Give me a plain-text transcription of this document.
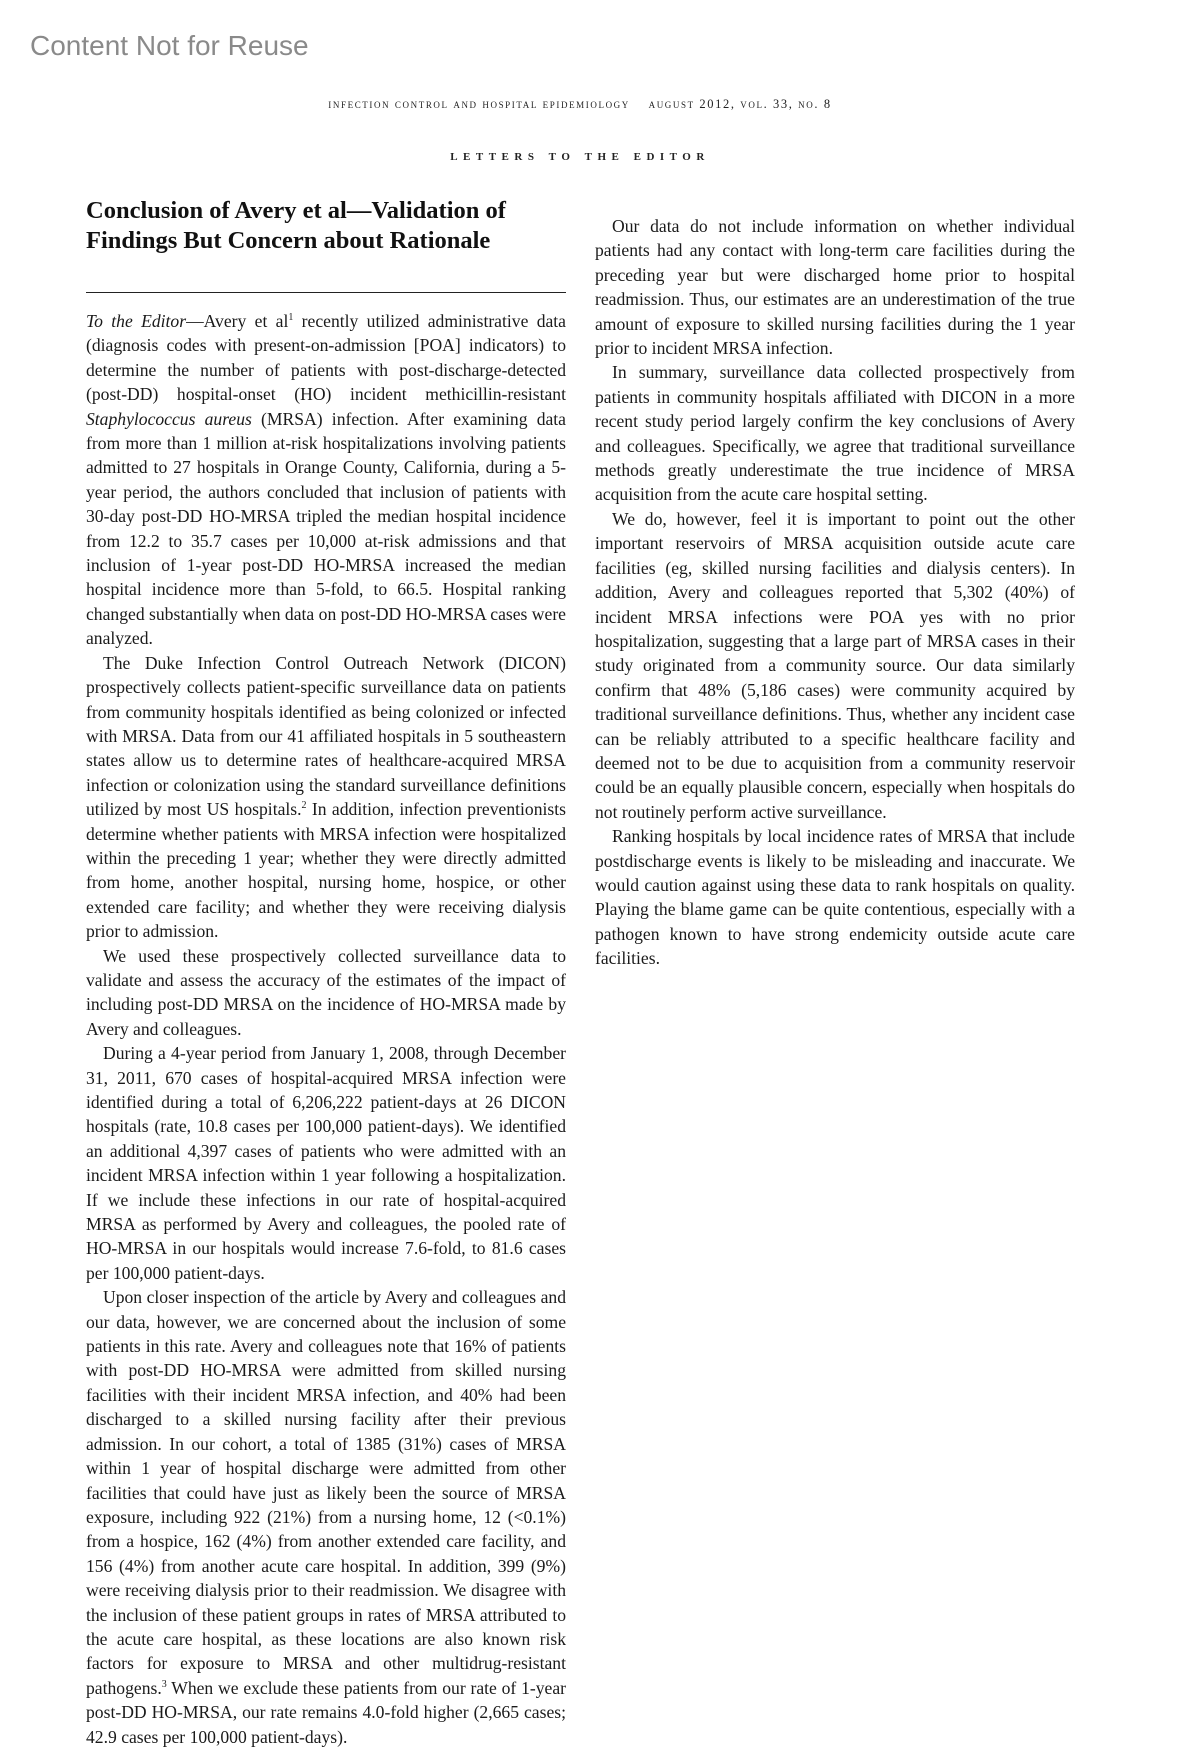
Content Not for Reuse
infection control and hospital epidemiology august 2012, vol. 33, no. 8
letters to the editor
Conclusion of Avery et al—Validation of Findings But Concern about Rationale

To the Editor—Avery et $al^1$ recently utilized administrative data (diagnosis codes with present-on-admission [POA] indicators) to determine the number of patients with post-discharge-detected (post-DD) hospital-onset (HO) incident methicillin-resistant Staphylococcus aureus (MRSA) infection. After examining data from more than 1 million at-risk hospitalizations involving patients admitted to 27 hospitals in Orange County, California, during a 5-year period, the authors concluded that inclusion of patients with 30-day post-DD HO-MRSA tripled the median hospital incidence from 12.2 to 35.7 cases per 10,000 at-risk admissions and that inclusion of 1-year post-DD HO-MRSA increased the median hospital incidence more than 5-fold, to 66.5. Hospital ranking changed substantially when data on post-DD HO-MRSA cases were analyzed.

The Duke Infection Control Outreach Network (DICON) prospectively collects patient-specific surveillance data on patients from community hospitals identified as being colonized or infected with MRSA. Data from our 41 affiliated hospitals in 5 southeastern states allow us to determine rates of healthcare-acquired MRSA infection or colonization using the standard surveillance definitions utilized by most US hospitals.$^2$ In addition, infection preventionists determine whether patients with MRSA infection were hospitalized within the preceding 1 year; whether they were directly admitted from home, another hospital, nursing home, hospice, or other extended care facility; and whether they were receiving dialysis prior to admission.

We used these prospectively collected surveillance data to validate and assess the accuracy of the estimates of the impact of including post-DD MRSA on the incidence of HO-MRSA made by Avery and colleagues.

During a 4-year period from January 1, 2008, through December 31, 2011, 670 cases of hospital-acquired MRSA infection were identified during a total of 6,206,222 patient-days at 26 DICON hospitals (rate, 10.8 cases per 100,000 patient-days). We identified an additional 4,397 cases of patients who were admitted with an incident MRSA infection within 1 year following a hospitalization. If we include these infections in our rate of hospital-acquired MRSA as performed by Avery and colleagues, the pooled rate of HO-MRSA in our hospitals would increase 7.6-fold, to 81.6 cases per 100,000 patient-days.

Upon closer inspection of the article by Avery and colleagues and our data, however, we are concerned about the inclusion of some patients in this rate. Avery and colleagues note that 16% of patients with post-DD HO-MRSA were admitted from skilled nursing facilities with their incident MRSA infection, and 40% had been discharged to a skilled nursing facility after their previous admission. In our cohort, a total of 1385 (31%) cases of MRSA within 1 year of hospital discharge were admitted from other facilities that could have just as likely been the source of MRSA exposure, including 922 (21%) from a nursing home, 12 (<0.1%) from a hospice, 162 (4%) from another extended care facility, and 156 (4%) from another acute care hospital. In addition, 399 (9%) were receiving dialysis prior to their readmission. We disagree with the inclusion of these patient groups in rates of MRSA attributed to the acute care hospital, as these locations are also known risk factors for exposure to MRSA and other multidrug-resistant pathogens.$^3$ When we exclude these patients from our rate of 1-year post-DD HO-MRSA, our rate remains 4.0-fold higher (2,665 cases; 42.9 cases per 100,000 patient-days).

Our data do not include information on whether individual patients had any contact with long-term care facilities during the preceding year but were discharged home prior to hospital readmission. Thus, our estimates are an underestimation of the true amount of exposure to skilled nursing facilities during the 1 year prior to incident MRSA infection.

In summary, surveillance data collected prospectively from patients in community hospitals affiliated with DICON in a more recent study period largely confirm the key conclusions of Avery and colleagues. Specifically, we agree that traditional surveillance methods greatly underestimate the true incidence of MRSA acquisition from the acute care hospital setting.

We do, however, feel it is important to point out the other important reservoirs of MRSA acquisition outside acute care facilities (eg, skilled nursing facilities and dialysis centers). In addition, Avery and colleagues reported that 5,302 (40%) of incident MRSA infections were POA yes with no prior hospitalization, suggesting that a large part of MRSA cases in their study originated from a community source. Our data similarly confirm that 48% (5,186 cases) were community acquired by traditional surveillance definitions. Thus, whether any incident case can be reliably attributed to a specific healthcare facility and deemed not to be due to acquisition from a community reservoir could be an equally plausible concern, especially when hospitals do not routinely perform active surveillance.

Ranking hospitals by local incidence rates of MRSA that include postdischarge events is likely to be misleading and inaccurate. We would caution against using these data to rank hospitals on quality. Playing the blame game can be quite contentious, especially with a pathogen known to have strong endemicity outside acute care facilities.
